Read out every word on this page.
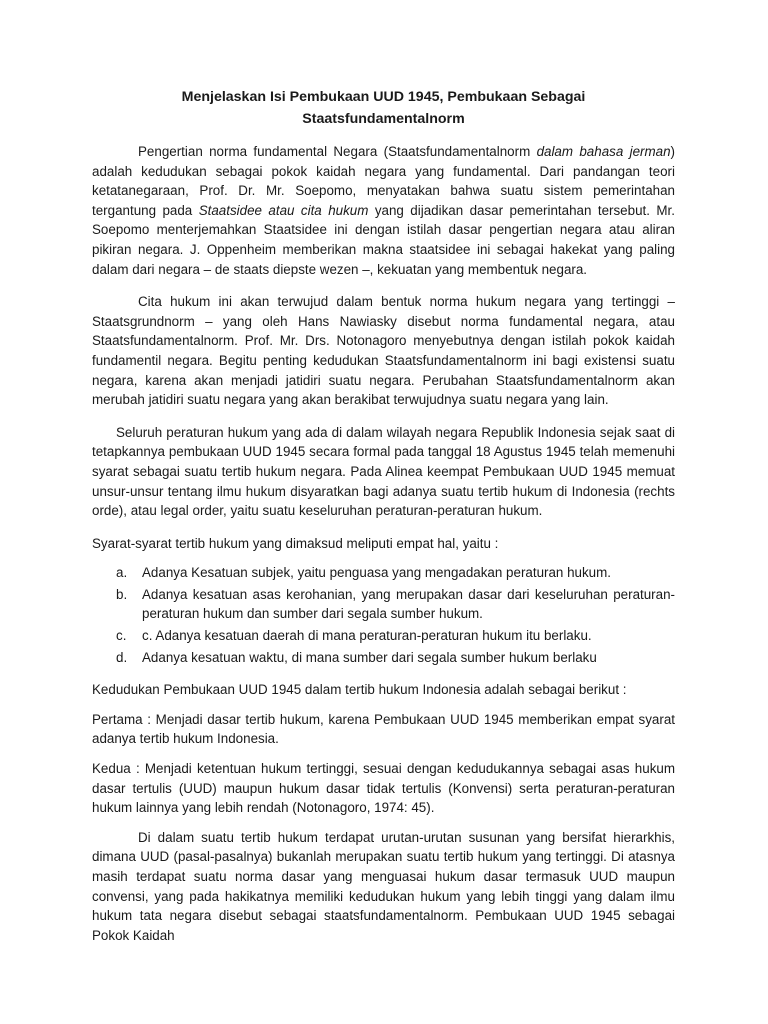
Menjelaskan Isi Pembukaan UUD 1945, Pembukaan Sebagai
Staatsfundamentalnorm

Pengertian norma fundamental Negara (Staatsfundamentalnorm dalam bahasa jerman) adalah kedudukan sebagai pokok kaidah negara yang fundamental. Dari pandangan teori ketatanegaraan, Prof. Dr. Mr. Soepomo, menyatakan bahwa suatu sistem pemerintahan tergantung pada Staatsidee atau cita hukum yang dijadikan dasar pemerintahan tersebut. Mr. Soepomo menterjemahkan Staatsidee ini dengan istilah dasar pengertian negara atau aliran pikiran negara. J. Oppenheim memberikan makna staatsidee ini sebagai hakekat yang paling dalam dari negara – de staats diepste wezen –, kekuatan yang membentuk negara.

Cita hukum ini akan terwujud dalam bentuk norma hukum negara yang tertinggi – Staatsgrundnorm – yang oleh Hans Nawiasky disebut norma fundamental negara, atau Staatsfundamentalnorm. Prof. Mr. Drs. Notonagoro menyebutnya dengan istilah pokok kaidah fundamentil negara. Begitu penting kedudukan Staatsfundamentalnorm ini bagi existensi suatu negara, karena akan menjadi jatidiri suatu negara. Perubahan Staatsfundamentalnorm akan merubah jatidiri suatu negara yang akan berakibat terwujudnya suatu negara yang lain.

Seluruh peraturan hukum yang ada di dalam wilayah negara Republik Indonesia sejak saat di tetapkannya pembukaan UUD 1945 secara formal pada tanggal 18 Agustus 1945 telah memenuhi syarat sebagai suatu tertib hukum negara. Pada Alinea keempat Pembukaan UUD 1945 memuat unsur-unsur tentang ilmu hukum disyaratkan bagi adanya suatu tertib hukum di Indonesia (rechts orde), atau legal order, yaitu suatu keseluruhan peraturan-peraturan hukum.

Syarat-syarat tertib hukum yang dimaksud meliputi empat hal, yaitu :

a. Adanya Kesatuan subjek, yaitu penguasa yang mengadakan peraturan hukum.
b. Adanya kesatuan asas kerohanian, yang merupakan dasar dari keseluruhan peraturan-peraturan hukum dan sumber dari segala sumber hukum.
c. c. Adanya kesatuan daerah di mana peraturan-peraturan hukum itu berlaku.
d. Adanya kesatuan waktu, di mana sumber dari segala sumber hukum berlaku

Kedudukan Pembukaan UUD 1945 dalam tertib hukum Indonesia adalah sebagai berikut :

Pertama : Menjadi dasar tertib hukum, karena Pembukaan UUD 1945 memberikan empat syarat adanya tertib hukum Indonesia.

Kedua : Menjadi ketentuan hukum tertinggi, sesuai dengan kedudukannya sebagai asas hukum dasar tertulis (UUD) maupun hukum dasar tidak tertulis (Konvensi) serta peraturan-peraturan hukum lainnya yang lebih rendah (Notonagoro, 1974: 45).

Di dalam suatu tertib hukum terdapat urutan-urutan susunan yang bersifat hierarkhis, dimana UUD (pasal-pasalnya) bukanlah merupakan suatu tertib hukum yang tertinggi. Di atasnya masih terdapat suatu norma dasar yang menguasai hukum dasar termasuk UUD maupun convensi, yang pada hakikatnya memiliki kedudukan hukum yang lebih tinggi yang dalam ilmu hukum tata negara disebut sebagai staatsfundamentalnorm. Pembukaan UUD 1945 sebagai Pokok Kaidah
